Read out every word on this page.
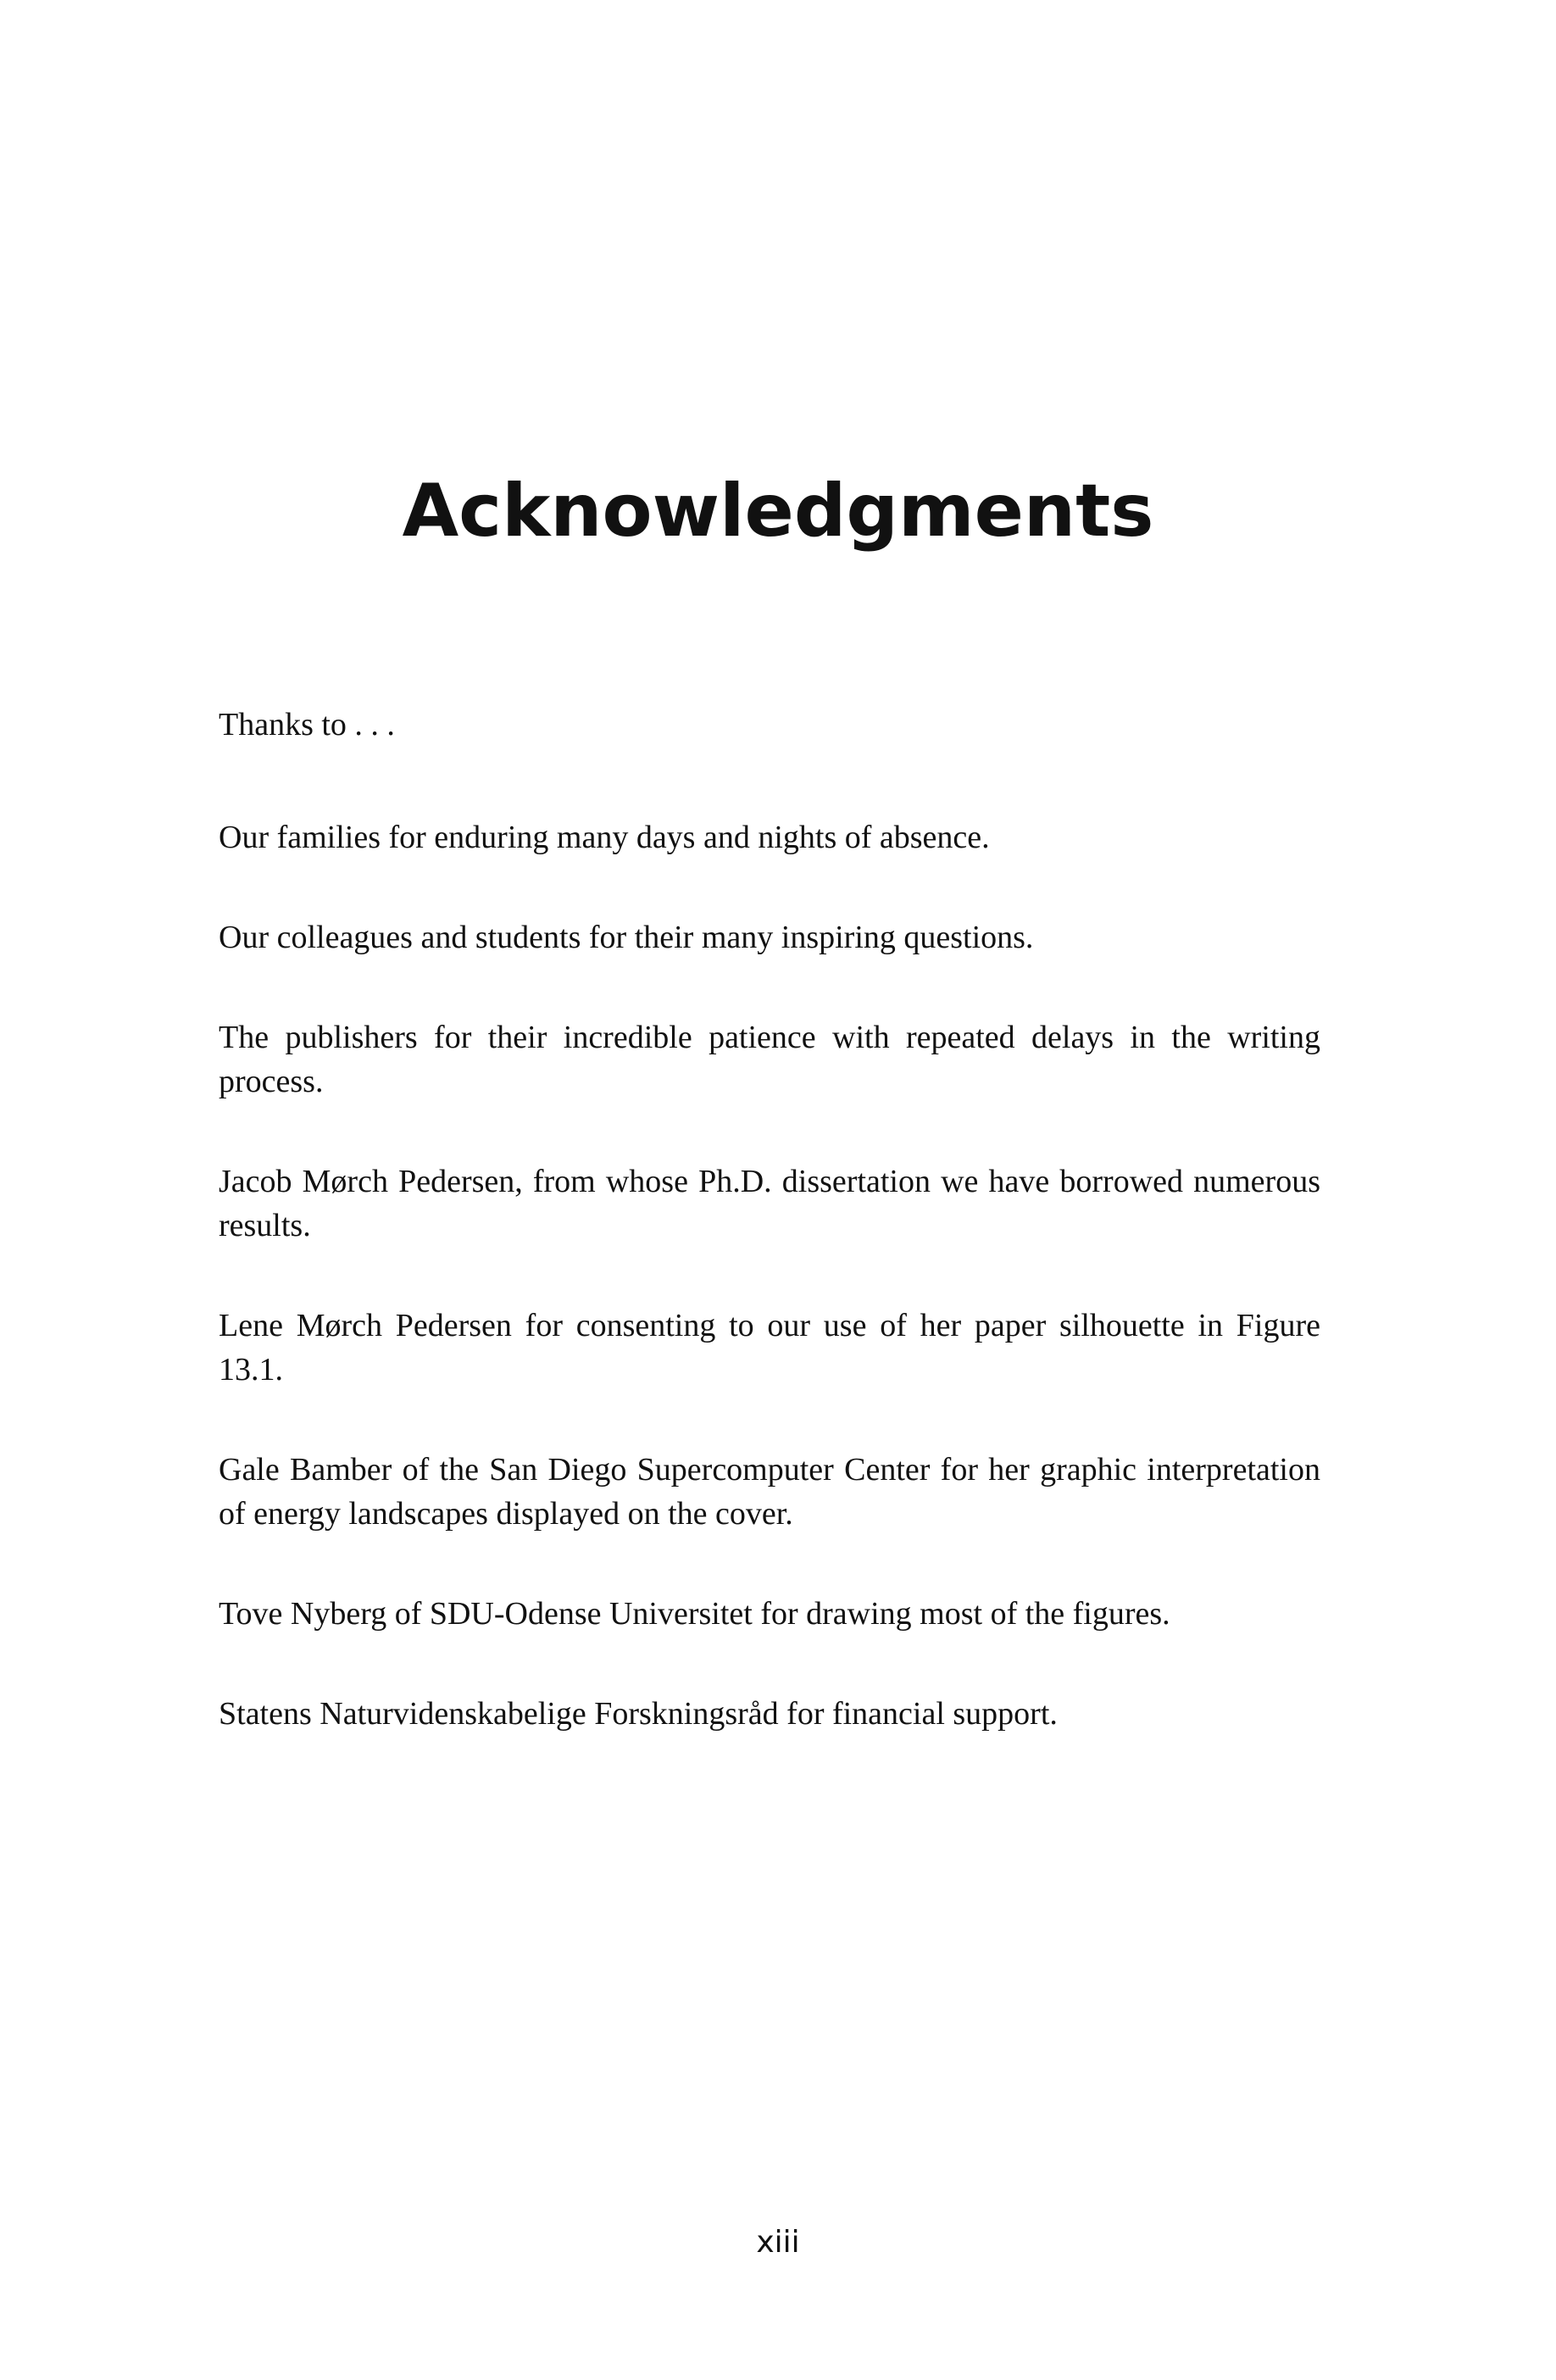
Acknowledgments

Thanks to . . .

Our families for enduring many days and nights of absence.

Our colleagues and students for their many inspiring questions.

The publishers for their incredible patience with repeated delays in the writing process.

Jacob Mørch Pedersen, from whose Ph.D. dissertation we have borrowed numerous results.

Lene Mørch Pedersen for consenting to our use of her paper silhouette in Figure 13.1.

Gale Bamber of the San Diego Supercomputer Center for her graphic interpretation of energy landscapes displayed on the cover.

Tove Nyberg of SDU-Odense Universitet for drawing most of the figures.

Statens Naturvidenskabelige Forskningsråd for financial support.

xiii
